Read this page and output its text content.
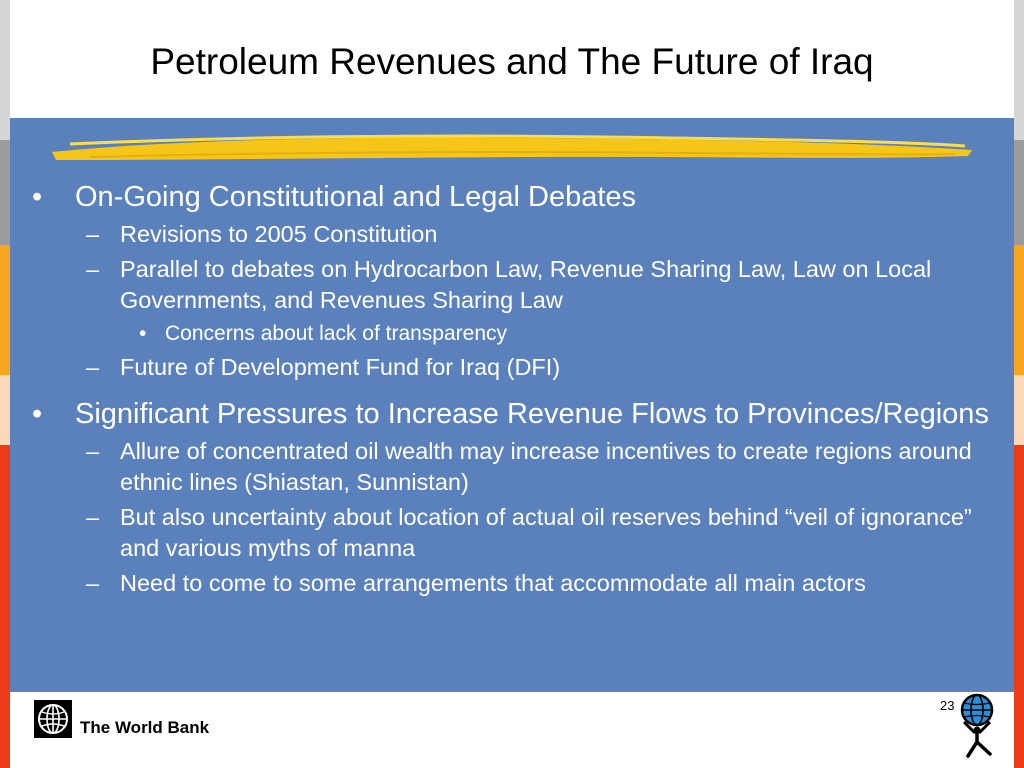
Petroleum Revenues and The Future of Iraq
•	On-Going Constitutional and Legal Debates
– Revisions to 2005 Constitution
– Parallel to debates on Hydrocarbon Law, Revenue Sharing Law, Law on Local Governments, and Revenues Sharing Law
• Concerns about lack of transparency
– Future of Development Fund for Iraq (DFI)
•	Significant Pressures to Increase Revenue Flows to Provinces/Regions
– Allure of concentrated oil wealth may increase incentives to create regions around ethnic lines (Shiastan, Sunnistan)
– But also uncertainty about location of actual oil reserves behind “veil of ignorance” and various myths of manna
– Need to come to some arrangements that accommodate all main actors
The World Bank
23
